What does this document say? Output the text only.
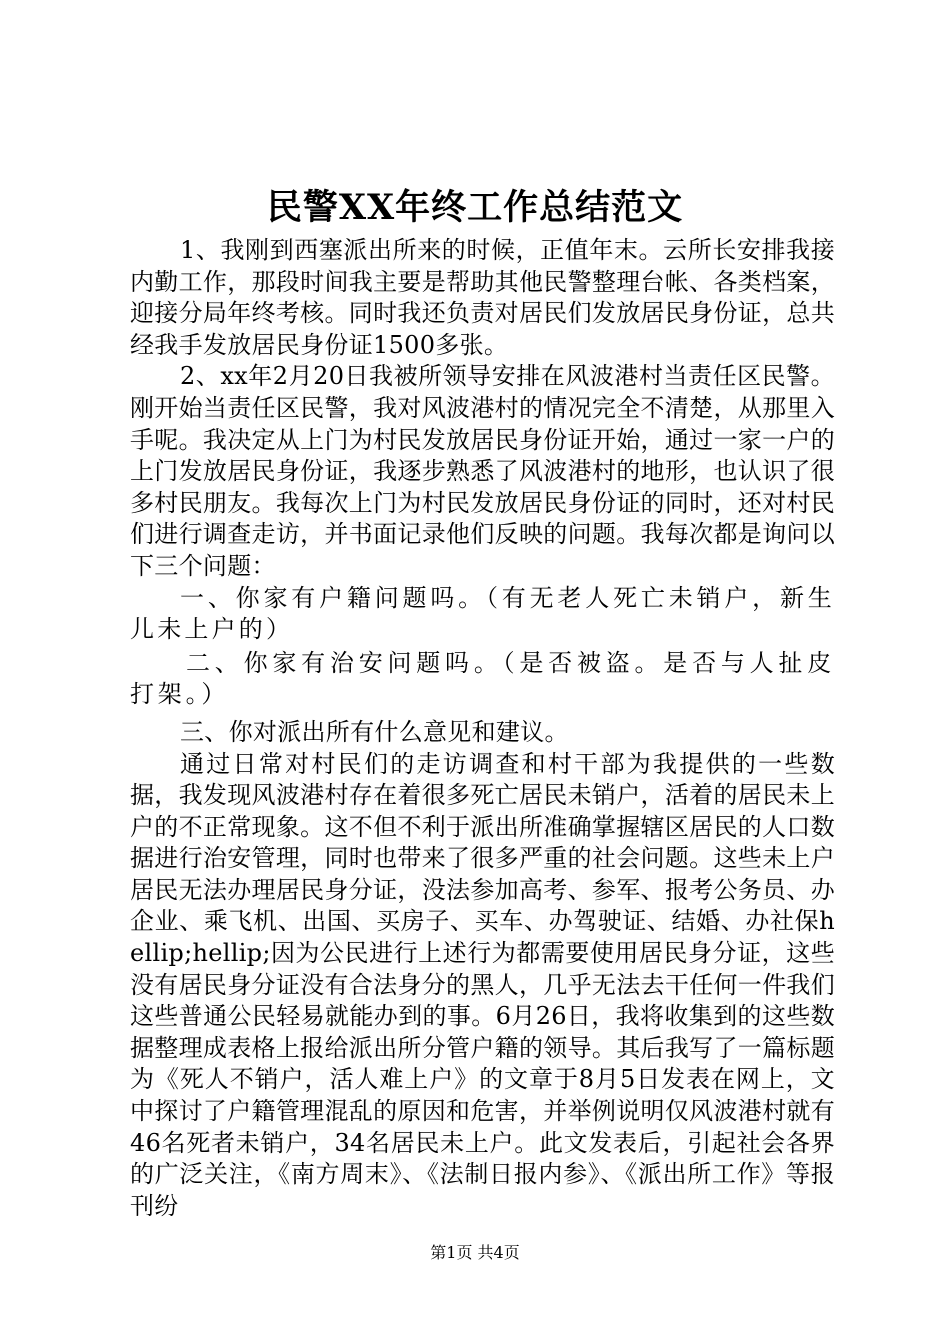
民警XX年终工作总结范文

1、我刚到西塞派出所来的时候，正值年末。云所长安排我接内勤工作，那段时间我主要是帮助其他民警整理台帐、各类档案，迎接分局年终考核。同时我还负责对居民们发放居民身份证，总共经我手发放居民身份证1500多张。

2、xx年2月20日我被所领导安排在风波港村当责任区民警。刚开始当责任区民警，我对风波港村的情况完全不清楚，从那里入手呢。我决定从上门为村民发放居民身份证开始，通过一家一户的上门发放居民身份证，我逐步熟悉了风波港村的地形，也认识了很多村民朋友。我每次上门为村民发放居民身份证的同时，还对村民们进行调查走访，并书面记录他们反映的问题。我每次都是询问以下三个问题：

一、你家有户籍问题吗。（有无老人死亡未销户，新生儿未上户的）

二、你家有治安问题吗。（是否被盗。是否与人扯皮打架。）

三、你对派出所有什么意见和建议。

通过日常对村民们的走访调查和村干部为我提供的一些数据，我发现风波港村存在着很多死亡居民未销户，活着的居民未上户的不正常现象。这不但不利于派出所准确掌握辖区居民的人口数据进行治安管理，同时也带来了很多严重的社会问题。这些未上户居民无法办理居民身分证，没法参加高考、参军、报考公务员、办企业、乘飞机、出国、买房子、买车、办驾驶证、结婚、办社保hellip;hellip;因为公民进行上述行为都需要使用居民身分证，这些没有居民身分证没有合法身分的黑人，几乎无法去干任何一件我们这些普通公民轻易就能办到的事。6月26日，我将收集到的这些数据整理成表格上报给派出所分管户籍的领导。其后我写了一篇标题为《死人不销户，活人难上户》的文章于8月5日发表在网上，文中探讨了户籍管理混乱的原因和危害，并举例说明仅风波港村就有46名死者未销户，34名居民未上户。此文发表后，引起社会各界的广泛关注，《南方周末》、《法制日报内参》、《派出所工作》等报刊纷

第1页 共4页
